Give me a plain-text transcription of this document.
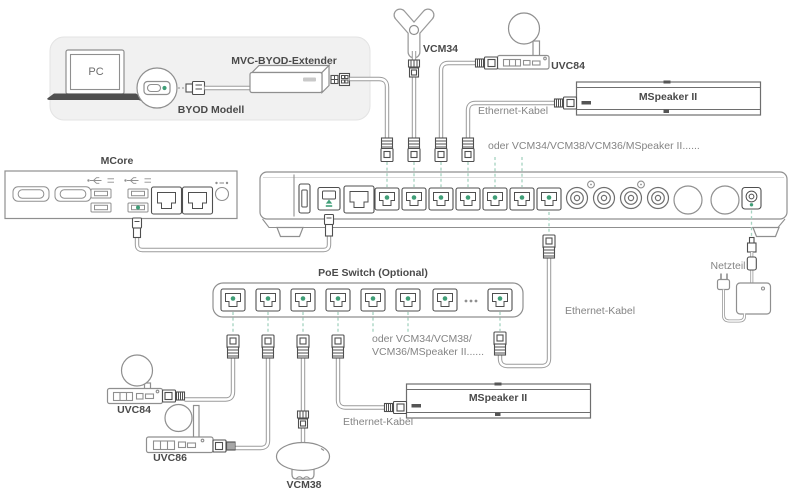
PC
MVC-BYOD-Extender
BYOD Modell
MCore
VCM34
UVC84
MSpeaker II
Ethernet-Kabel
oder VCM34/VCM38/VCM36/MSpeaker II......
PoE Switch (Optional)
oder VCM34/VCM38/
VCM36/MSpeaker II......
Ethernet-Kabel
Netzteil
UVC84
UVC86
VCM38
MSpeaker II
Ethernet-Kabel
